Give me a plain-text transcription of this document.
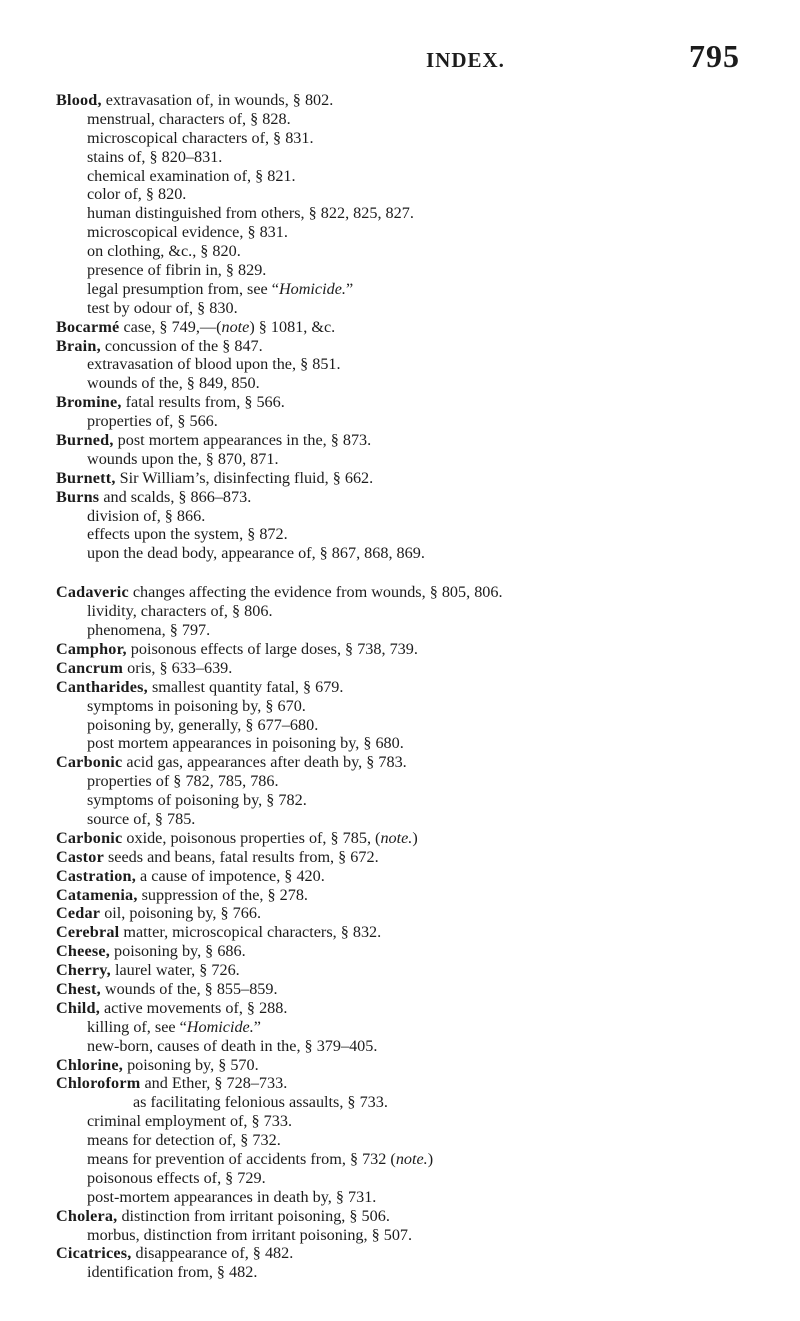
INDEX.	795
Blood, extravasation of, in wounds, § 802.
menstrual, characters of, § 828.
microscopical characters of, § 831.
stains of, § 820–831.
chemical examination of, § 821.
color of, § 820.
human distinguished from others, § 822, 825, 827.
microscopical evidence, § 831.
on clothing, &c., § 820.
presence of fibrin in, § 829.
legal presumption from, see “Homicide.”
test by odour of, § 830.
Bocarmé case, § 749,—(note) § 1081, &c.
Brain, concussion of the § 847.
extravasation of blood upon the, § 851.
wounds of the, § 849, 850.
Bromine, fatal results from, § 566.
properties of, § 566.
Burned, post mortem appearances in the, § 873.
wounds upon the, § 870, 871.
Burnett, Sir William’s, disinfecting fluid, § 662.
Burns and scalds, § 866–873.
division of, § 866.
effects upon the system, § 872.
upon the dead body, appearance of, § 867, 868, 869.
Cadaveric changes affecting the evidence from wounds, § 805, 806.
lividity, characters of, § 806.
phenomena, § 797.
Camphor, poisonous effects of large doses, § 738, 739.
Cancrum oris, § 633–639.
Cantharides, smallest quantity fatal, § 679.
symptoms in poisoning by, § 670.
poisoning by, generally, § 677–680.
post mortem appearances in poisoning by, § 680.
Carbonic acid gas, appearances after death by, § 783.
properties of § 782, 785, 786.
symptoms of poisoning by, § 782.
source of, § 785.
Carbonic oxide, poisonous properties of, § 785, (note.)
Castor seeds and beans, fatal results from, § 672.
Castration, a cause of impotence, § 420.
Catamenia, suppression of the, § 278.
Cedar oil, poisoning by, § 766.
Cerebral matter, microscopical characters, § 832.
Cheese, poisoning by, § 686.
Cherry, laurel water, § 726.
Chest, wounds of the, § 855–859.
Child, active movements of, § 288.
killing of, see “Homicide.”
new-born, causes of death in the, § 379–405.
Chlorine, poisoning by, § 570.
Chloroform and Ether, § 728–733.
as facilitating felonious assaults, § 733.
criminal employment of, § 733.
means for detection of, § 732.
means for prevention of accidents from, § 732 (note.)
poisonous effects of, § 729.
post-mortem appearances in death by, § 731.
Cholera, distinction from irritant poisoning, § 506.
morbus, distinction from irritant poisoning, § 507.
Cicatrices, disappearance of, § 482.
identification from, § 482.
